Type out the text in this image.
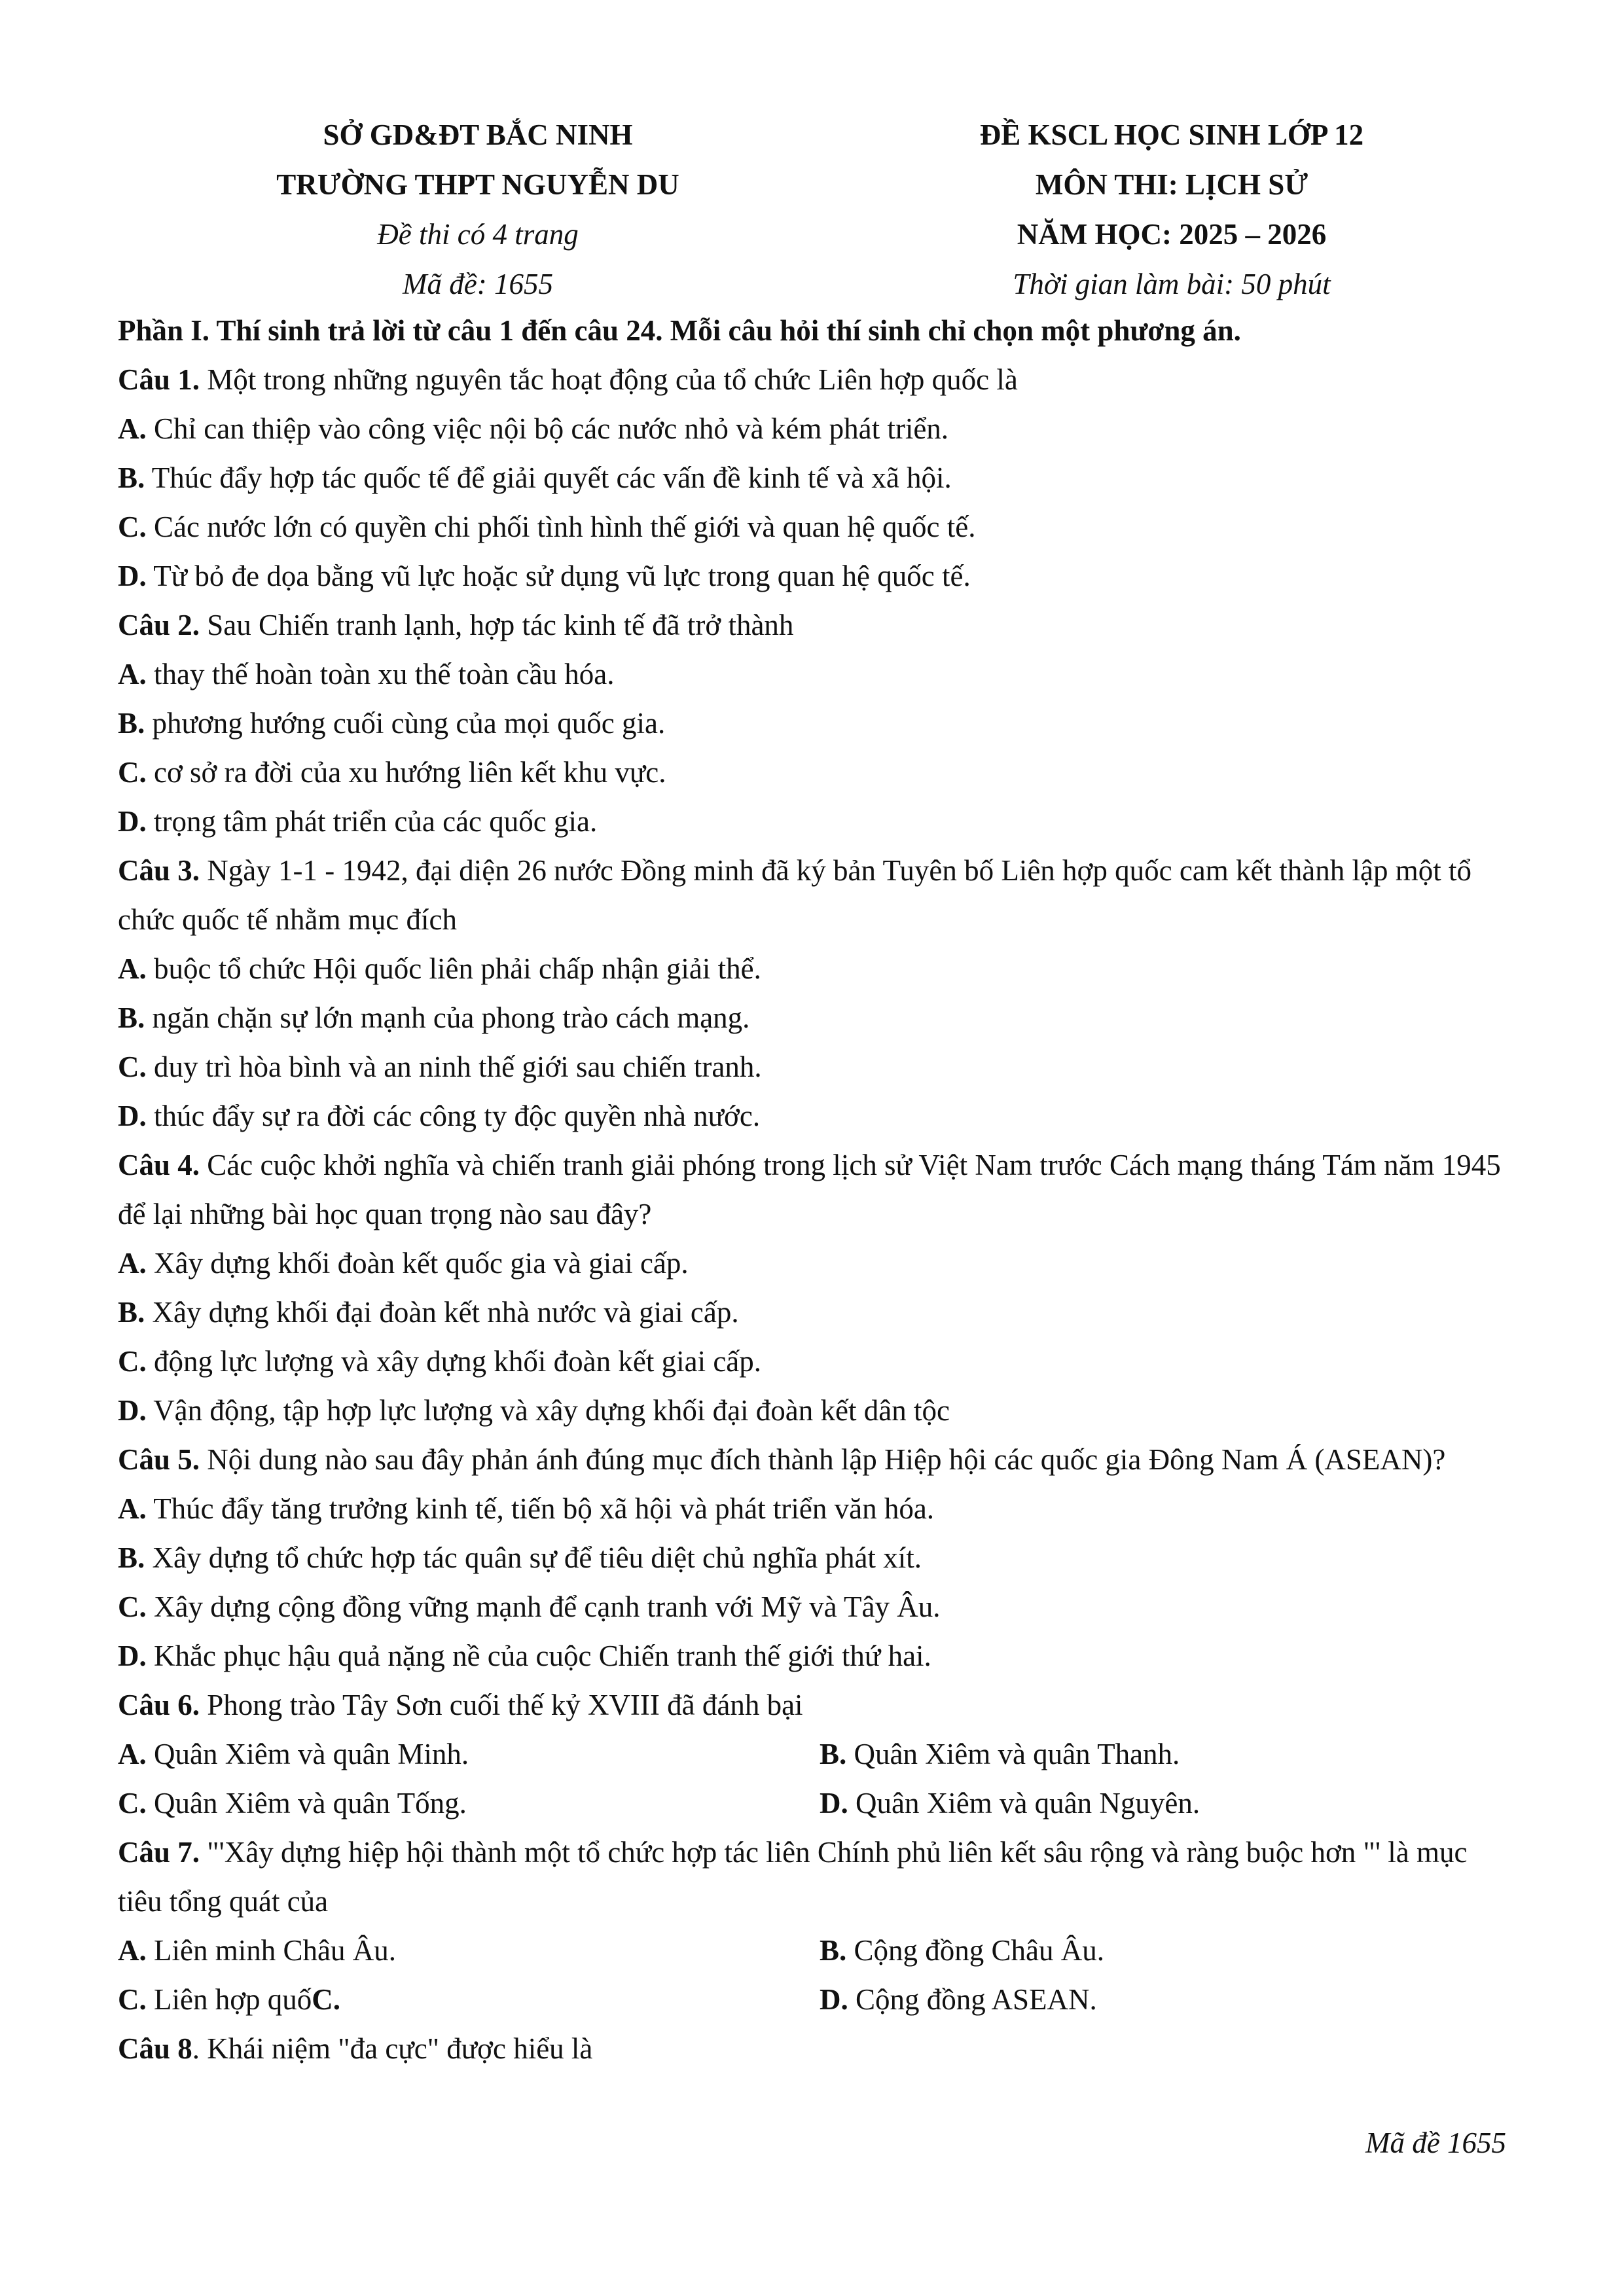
SỞ GD&ĐT BẮC NINH
TRƯỜNG THPT NGUYỄN DU
Đề thi có 4 trang
Mã đề: 1655
ĐỀ KSCL HỌC SINH LỚP 12
MÔN THI: LỊCH SỬ
NĂM HỌC: 2025 – 2026
Thời gian làm bài: 50 phút
Phần I. Thí sinh trả lời từ câu 1 đến câu 24. Mỗi câu hỏi thí sinh chỉ chọn một phương án.
Câu 1. Một trong những nguyên tắc hoạt động của tổ chức Liên hợp quốc là
A. Chỉ can thiệp vào công việc nội bộ các nước nhỏ và kém phát triển.
B. Thúc đẩy hợp tác quốc tế để giải quyết các vấn đề kinh tế và xã hội.
C. Các nước lớn có quyền chi phối tình hình thế giới và quan hệ quốc tế.
D. Từ bỏ đe dọa bằng vũ lực hoặc sử dụng vũ lực trong quan hệ quốc tế.
Câu 2. Sau Chiến tranh lạnh, hợp tác kinh tế đã trở thành
A. thay thế hoàn toàn xu thế toàn cầu hóa.
B. phương hướng cuối cùng của mọi quốc gia.
C. cơ sở ra đời của xu hướng liên kết khu vực.
D. trọng tâm phát triển của các quốc gia.
Câu 3. Ngày 1-1 - 1942, đại diện 26 nước Đồng minh đã ký bản Tuyên bố Liên hợp quốc cam kết thành lập một tổ chức quốc tế nhằm mục đích
A. buộc tổ chức Hội quốc liên phải chấp nhận giải thể.
B. ngăn chặn sự lớn mạnh của phong trào cách mạng.
C. duy trì hòa bình và an ninh thế giới sau chiến tranh.
D. thúc đẩy sự ra đời các công ty độc quyền nhà nước.
Câu 4. Các cuộc khởi nghĩa và chiến tranh giải phóng trong lịch sử Việt Nam trước Cách mạng tháng Tám năm 1945 để lại những bài học quan trọng nào sau đây?
A. Xây dựng khối đoàn kết quốc gia và giai cấp.
B. Xây dựng khối đại đoàn kết nhà nước và giai cấp.
C. động lực lượng và xây dựng khối đoàn kết giai cấp.
D. Vận động, tập hợp lực lượng và xây dựng khối đại đoàn kết dân tộc
Câu 5. Nội dung nào sau đây phản ánh đúng mục đích thành lập Hiệp hội các quốc gia Đông Nam Á (ASEAN)?
A. Thúc đẩy tăng trưởng kinh tế, tiến bộ xã hội và phát triển văn hóa.
B. Xây dựng tổ chức hợp tác quân sự để tiêu diệt chủ nghĩa phát xít.
C. Xây dựng cộng đồng vững mạnh để cạnh tranh với Mỹ và Tây Âu.
D. Khắc phục hậu quả nặng nề của cuộc Chiến tranh thế giới thứ hai.
Câu 6. Phong trào Tây Sơn cuối thế kỷ XVIII đã đánh bại
A. Quân Xiêm và quân Minh.	B. Quân Xiêm và quân Thanh.
C. Quân Xiêm và quân Tống.	D. Quân Xiêm và quân Nguyên.
Câu 7. "'Xây dựng hiệp hội thành một tổ chức hợp tác liên Chính phủ liên kết sâu rộng và ràng buộc hơn "' là mục tiêu tổng quát của
A. Liên minh Châu Âu.	B. Cộng đồng Châu Âu.
C. Liên hợp quốC.	D. Cộng đồng ASEAN.
Câu 8. Khái niệm "đa cực" được hiểu là
Mã đề 1655
